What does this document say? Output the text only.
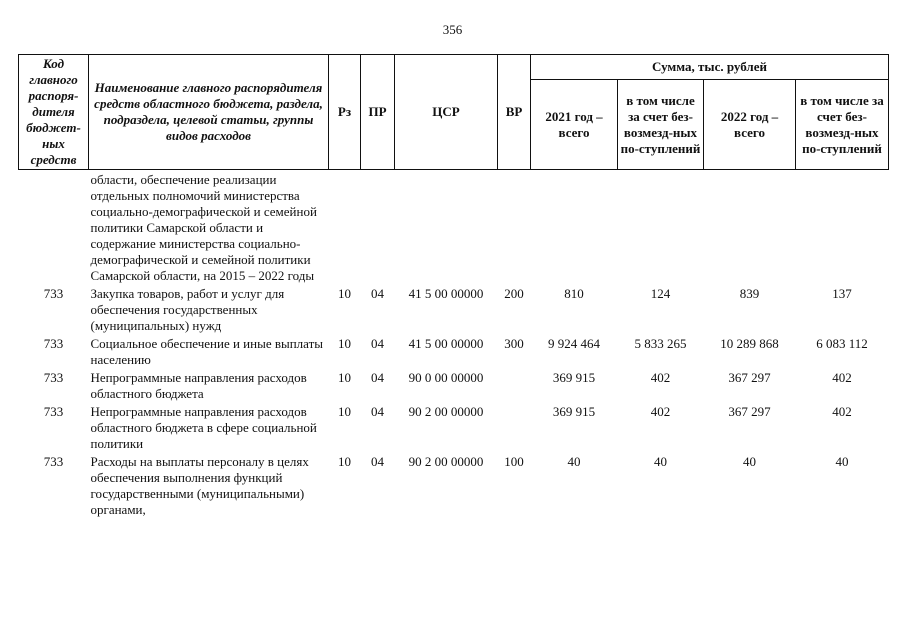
356
Код главного распоря-дителя бюджет-ных средств	Наименование главного распорядителя средств областного бюджета, раздела, подраздела, целевой статьи, группы видов расходов	Рз	ПР	ЦСР	ВР	Сумма, тыс. рублей			
						2021 год – всего	в том числе за счет без-возмезд-ных по-ступлений	2022 год – всего	в том числе за счет без-возмезд-ных по-ступлений
	области, обеспечение реализации отдельных полномочий министерства социально-демографической и семейной политики Самарской области и содержание министерства социально-демографической и семейной политики Самарской области, на 2015 – 2022 годы								
733	Закупка товаров, работ и услуг для обеспечения государственных (муниципальных) нужд	10	04	41 5 00 00000	200	810	124	839	137
733	Социальное обеспечение и иные выплаты населению	10	04	41 5 00 00000	300	9 924 464	5 833 265	10 289 868	6 083 112
733	Непрограммные направления расходов областного бюджета	10	04	90 0 00 00000		369 915	402	367 297	402
733	Непрограммные направления расходов областного бюджета в сфере социальной политики	10	04	90 2 00 00000		369 915	402	367 297	402
733	Расходы на выплаты персоналу в целях обеспечения выполнения функций государственными (муниципальными) органами,	10	04	90 2 00 00000	100	40	40	40	40
